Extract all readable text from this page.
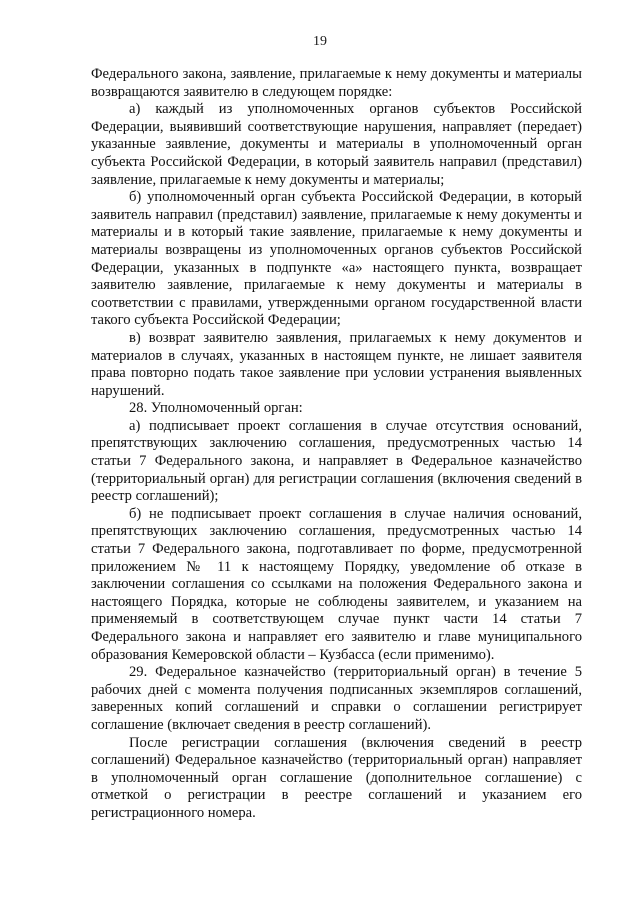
19

Федерального закона, заявление, прилагаемые к нему документы и материалы возвращаются заявителю в следующем порядке:

а) каждый из уполномоченных органов субъектов Российской Федерации, выявивший соответствующие нарушения, направляет (передает) указанные заявление, документы и материалы в уполномоченный орган субъекта Российской Федерации, в который заявитель направил (представил) заявление, прилагаемые к нему документы и материалы;

б) уполномоченный орган субъекта Российской Федерации, в который заявитель направил (представил) заявление, прилагаемые к нему документы и материалы и в который такие заявление, прилагаемые к нему документы и материалы возвращены из уполномоченных органов субъектов Российской Федерации, указанных в подпункте «а» настоящего пункта, возвращает заявителю заявление, прилагаемые к нему документы и материалы в соответствии с правилами, утвержденными органом государственной власти такого субъекта Российской Федерации;

в) возврат заявителю заявления, прилагаемых к нему документов и материалов в случаях, указанных в настоящем пункте, не лишает заявителя права повторно подать такое заявление при условии устранения выявленных нарушений.

28. Уполномоченный орган:

а) подписывает проект соглашения в случае отсутствия оснований, препятствующих заключению соглашения, предусмотренных частью 14 статьи 7 Федерального закона, и направляет в Федеральное казначейство (территориальный орган) для регистрации соглашения (включения сведений в реестр соглашений);

б) не подписывает проект соглашения в случае наличия оснований, препятствующих заключению соглашения, предусмотренных частью 14 статьи 7 Федерального закона, подготавливает по форме, предусмотренной приложением № 11 к настоящему Порядку, уведомление об отказе в заключении соглашения со ссылками на положения Федерального закона и настоящего Порядка, которые не соблюдены заявителем, и указанием на применяемый в соответствующем случае пункт части 14 статьи 7 Федерального закона и направляет его заявителю и главе муниципального образования Кемеровской области – Кузбасса (если применимо).

29. Федеральное казначейство (территориальный орган) в течение 5 рабочих дней с момента получения подписанных экземпляров соглашений, заверенных копий соглашений и справки о соглашении регистрирует соглашение (включает сведения в реестр соглашений).

После регистрации соглашения (включения сведений в реестр соглашений) Федеральное казначейство (территориальный орган) направляет в уполномоченный орган соглашение (дополнительное соглашение) с отметкой о регистрации в реестре соглашений и указанием его регистрационного номера.
